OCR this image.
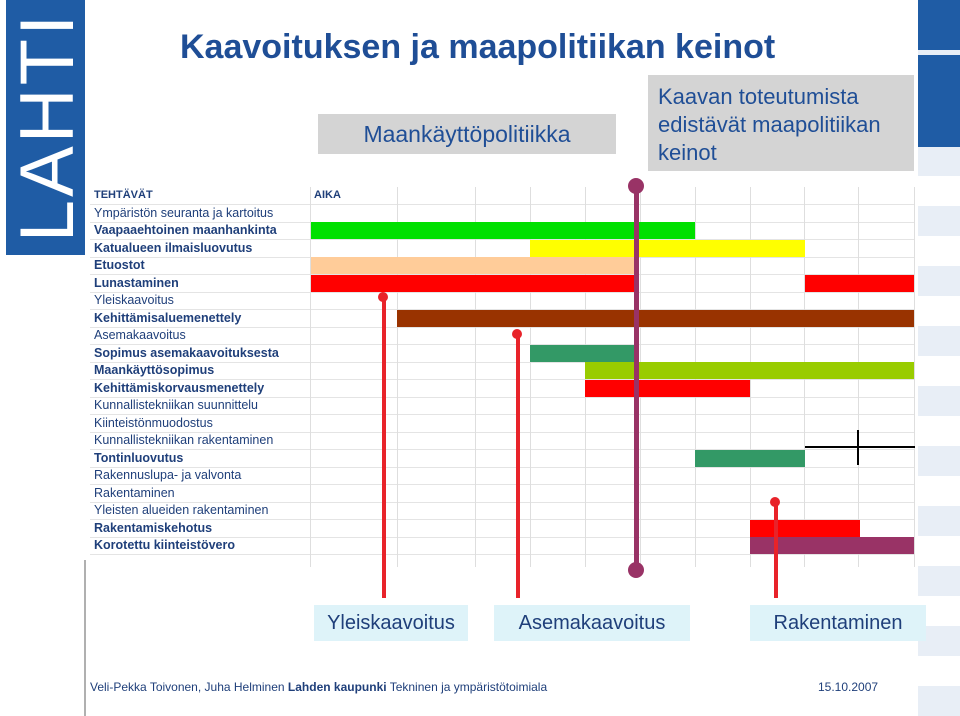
LAHTI	Kaavoituksen ja maapolitiikan keinot
Maankäyttöpolitiikka
Kaavan toteutumista
edistävät maapolitiikan
keinot
TEHTÄVÄT	AIKA
Ympäristön seuranta ja kartoitus
Vaapaaehtoinen maanhankinta
Katualueen ilmaisluovutus
Etuostot
Lunastaminen
Yleiskaavoitus
Kehittämisaluemenettely
Asemakaavoitus
Sopimus asemakaavoituksesta
Maankäyttösopimus
Kehittämiskorvausmenettely
Kunnallistekniikan suunnittelu
Kiinteistönmuodostus
Kunnallistekniikan rakentaminen
Tontinluovutus
Rakennuslupa- ja valvonta
Rakentaminen
Yleisten alueiden rakentaminen
Rakentamiskehotus
Korotettu kiinteistövero
Yleiskaavoitus	Asemakaavoitus	Rakentaminen
Veli-Pekka Toivonen, Juha Helminen Lahden kaupunki Tekninen ja ympäristötoimiala	15.10.2007
